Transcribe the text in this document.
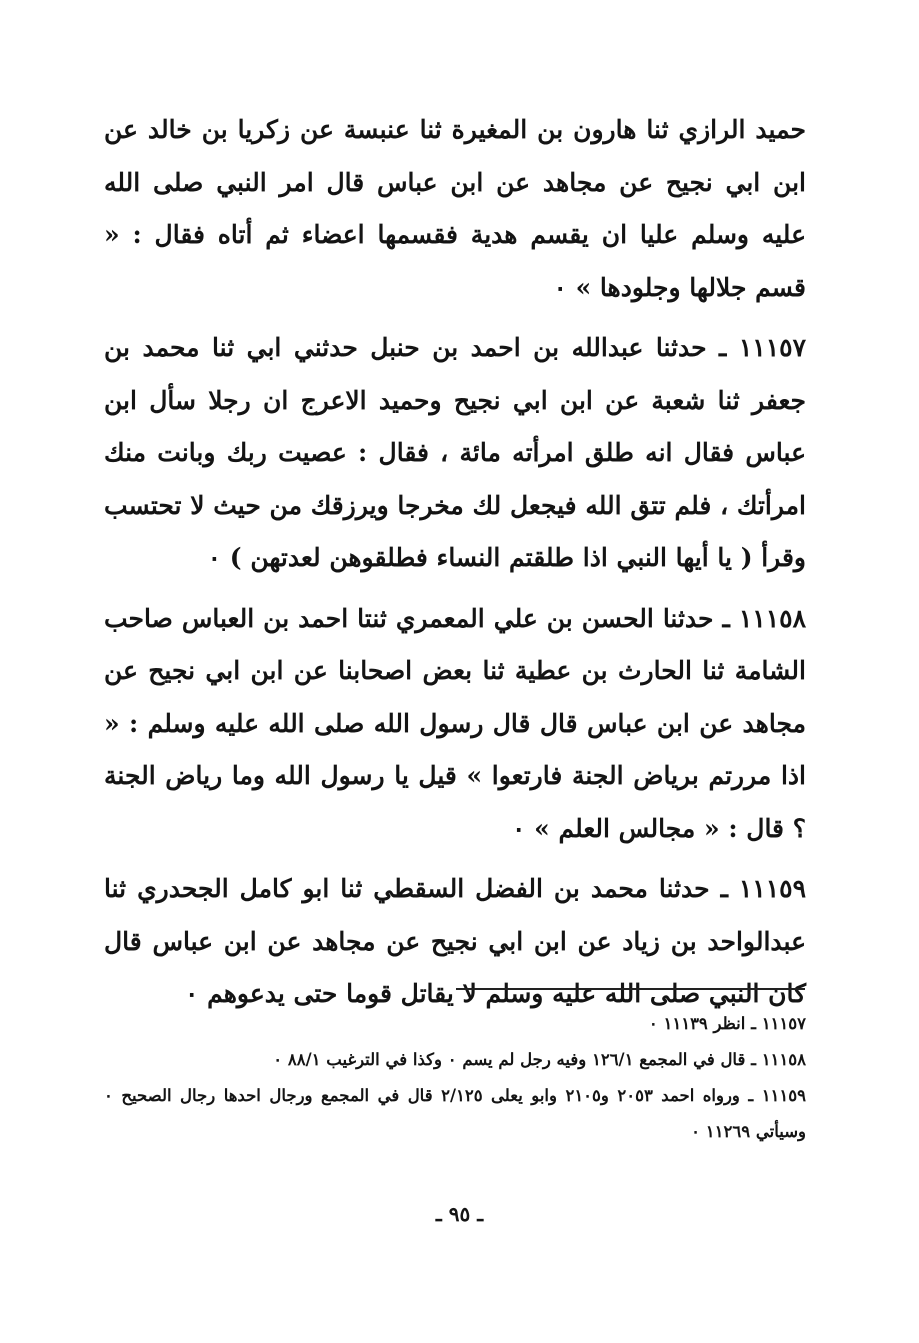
حميد الرازي ثنا هارون بن المغيرة ثنا عنبسة عن زكريا بن خالد عن ابن ابي نجيح عن مجاهد عن ابن عباس قال امر النبي صلى الله عليه وسلم عليا ان يقسم هدية فقسمها اعضاء ثم أتاه فقال : « قسم جلالها وجلودها » ٠

١١١٥٧ ـ حدثنا عبدالله بن احمد بن حنبل حدثني ابي ثنا محمد بن جعفر ثنا شعبة عن ابن ابي نجيح وحميد الاعرج ان رجلا سأل ابن عباس فقال انه طلق امرأته مائة ، فقال : عصيت ربك وبانت منك امرأتك ، فلم تتق الله فيجعل لك مخرجا ويرزقك من حيث لا تحتسب وقرأ ( يا أيها النبي اذا طلقتم النساء فطلقوهن لعدتهن ) ٠

١١١٥٨ ـ حدثنا الحسن بن علي المعمري ثنتا احمد بن العباس صاحب الشامة ثنا الحارث بن عطية ثنا بعض اصحابنا عن ابن ابي نجيح عن مجاهد عن ابن عباس قال قال رسول الله صلى الله عليه وسلم : « اذا مررتم برياض الجنة فارتعوا » قيل يا رسول الله وما رياض الجنة ؟ قال : « مجالس العلم » ٠

١١١٥٩ ـ حدثنا محمد بن الفضل السقطي ثنا ابو كامل الجحدري ثنا عبدالواحد بن زياد عن ابن ابي نجيح عن مجاهد عن ابن عباس قال كان النبي صلى الله عليه وسلم لا يقاتل قوما حتى يدعوهم ٠

١١١٥٧ ـ انظر ١١١٣٩ ٠

١١١٥٨ ـ قال في المجمع ١٢٦/١ وفيه رجل لم يسم ٠ وكذا في الترغيب ٨٨/١ ٠

١١١٥٩ ـ ورواه احمد ٢٠٥٣ و٢١٠٥ وابو يعلى ٢/١٢٥ قال في المجمع ورجال احدها رجال الصحيح ٠ وسيأتي ١١٢٦٩ ٠

ـ ٩٥ ـ
